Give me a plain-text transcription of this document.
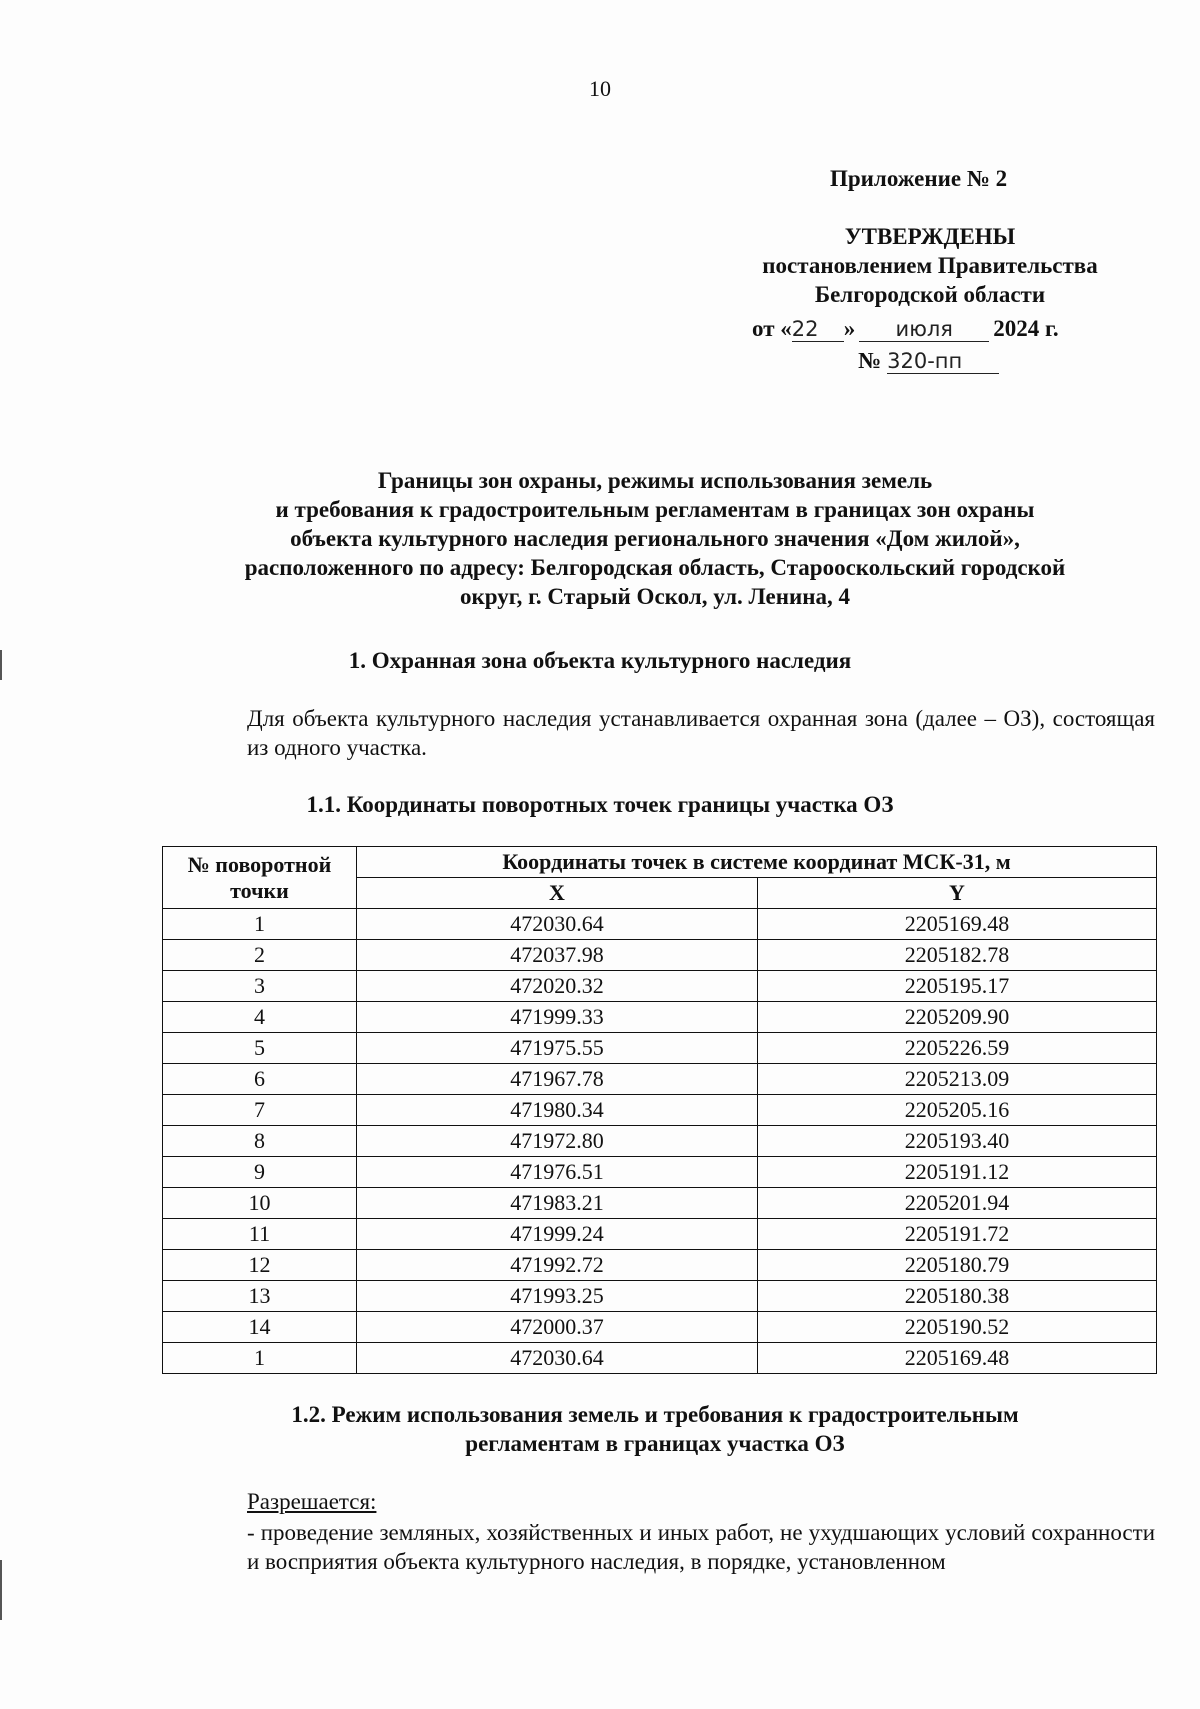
10
Приложение № 2
УТВЕРЖДЕНЫ
постановлением Правительства
Белгородской области
от «22 » июля 2024 г.
№ 320-пп
Границы зон охраны, режимы использования земель
и требования к градостроительным регламентам в границах зон охраны
объекта культурного наследия регионального значения «Дом жилой»,
расположенного по адресу: Белгородская область, Старооскольский городской
округ, г. Старый Оскол, ул. Ленина, 4
1. Охранная зона объекта культурного наследия
Для объекта культурного наследия устанавливается охранная зона (далее – ОЗ), состоящая из одного участка.
1.1. Координаты поворотных точек границы участка ОЗ
№ поворотной точки	Координаты точек в системе координат МСК-31, м	
	X	Y
1	472030.64	2205169.48
2	472037.98	2205182.78
3	472020.32	2205195.17
4	471999.33	2205209.90
5	471975.55	2205226.59
6	471967.78	2205213.09
7	471980.34	2205205.16
8	471972.80	2205193.40
9	471976.51	2205191.12
10	471983.21	2205201.94
11	471999.24	2205191.72
12	471992.72	2205180.79
13	471993.25	2205180.38
14	472000.37	2205190.52
1	472030.64	2205169.48
1.2. Режим использования земель и требования к градостроительным
регламентам в границах участка ОЗ
Разрешается:
- проведение земляных, хозяйственных и иных работ, не ухудшающих условий сохранности и восприятия объекта культурного наследия, в порядке, установленном
